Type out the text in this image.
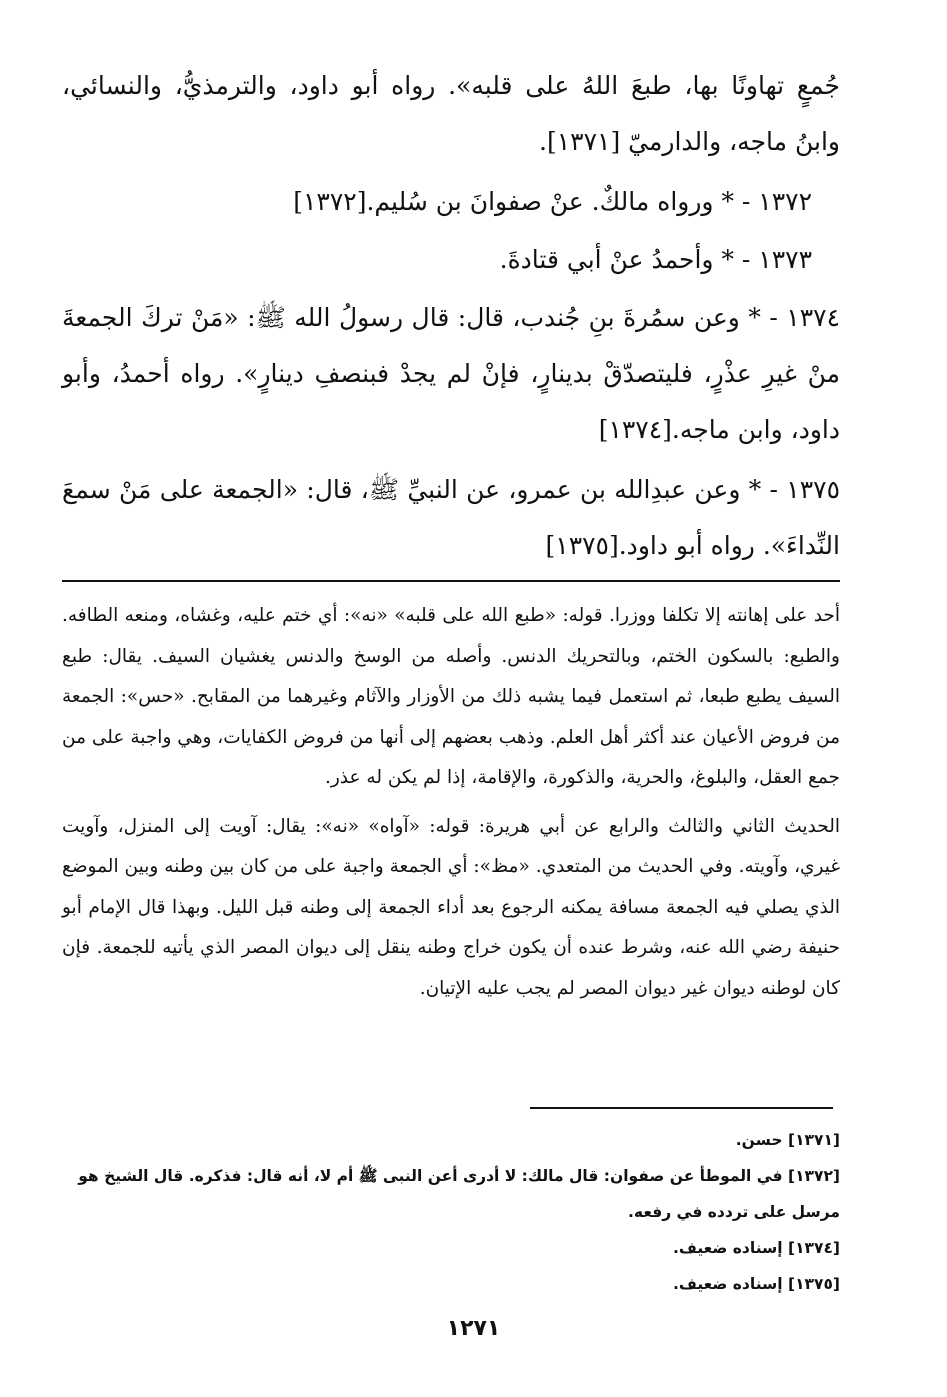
جُمعٍ تهاونًا بها، طبعَ اللهُ على قلبه». رواه أبو داود، والترمذيُّ، والنسائي، وابنُ ماجه، والدارميّ [١٣٧١].

١٣٧٢ - * ورواه مالكٌ. عنْ صفوانَ بن سُليم.[١٣٧٢]

١٣٧٣ - * وأحمدُ عنْ أبي قتادةَ.

١٣٧٤ - * وعن سمُرةَ بنِ جُندب، قال: قال رسولُ الله ﷺ: «مَنْ تركَ الجمعةَ منْ غيرِ عذْرٍ، فليتصدّقْ بدينارٍ، فإنْ لم يجدْ فبنصفِ دينارٍ». رواه أحمدُ، وأبو داود، وابن ماجه.[١٣٧٤]

١٣٧٥ - * وعن عبدِالله بن عمرو، عن النبيِّ ﷺ، قال: «الجمعة على مَنْ سمعَ النِّداءَ». رواه أبو داود.[١٣٧٥]

أحد على إهانته إلا تكلفا ووزرا. قوله: «طبع الله على قلبه» «نه»: أي ختم عليه، وغشاه، ومنعه الطافه. والطبع: بالسكون الختم، وبالتحريك الدنس. وأصله من الوسخ والدنس يغشيان السيف. يقال: طبع السيف يطبع طبعا، ثم استعمل فيما يشبه ذلك من الأوزار والآثام وغيرهما من المقابح. «حس»: الجمعة من فروض الأعيان عند أكثر أهل العلم. وذهب بعضهم إلى أنها من فروض الكفايات، وهي واجبة على من جمع العقل، والبلوغ، والحرية، والذكورة، والإقامة، إذا لم يكن له عذر.

الحديث الثاني والثالث والرابع عن أبي هريرة: قوله: «آواه» «نه»: يقال: آويت إلى المنزل، وآويت غيري، وآويته. وفي الحديث من المتعدي. «مظ»: أي الجمعة واجبة على من كان بين وطنه وبين الموضع الذي يصلي فيه الجمعة مسافة يمكنه الرجوع بعد أداء الجمعة إلى وطنه قبل الليل. وبهذا قال الإمام أبو حنيفة رضي الله عنه، وشرط عنده أن يكون خراج وطنه ينقل إلى ديوان المصر الذي يأتيه للجمعة. فإن كان لوطنه ديوان غير ديوان المصر لم يجب عليه الإتيان.

[١٣٧١] حسن.

[١٣٧٢] في الموطأ عن صفوان: قال مالك: لا أدرى أعن النبى ﷺ أم لا، أنه قال: فذكره. قال الشيخ هو مرسل على تردده في رفعه.

[١٣٧٤] إسناده ضعيف.

[١٣٧٥] إسناده ضعيف.

١٢٧١
